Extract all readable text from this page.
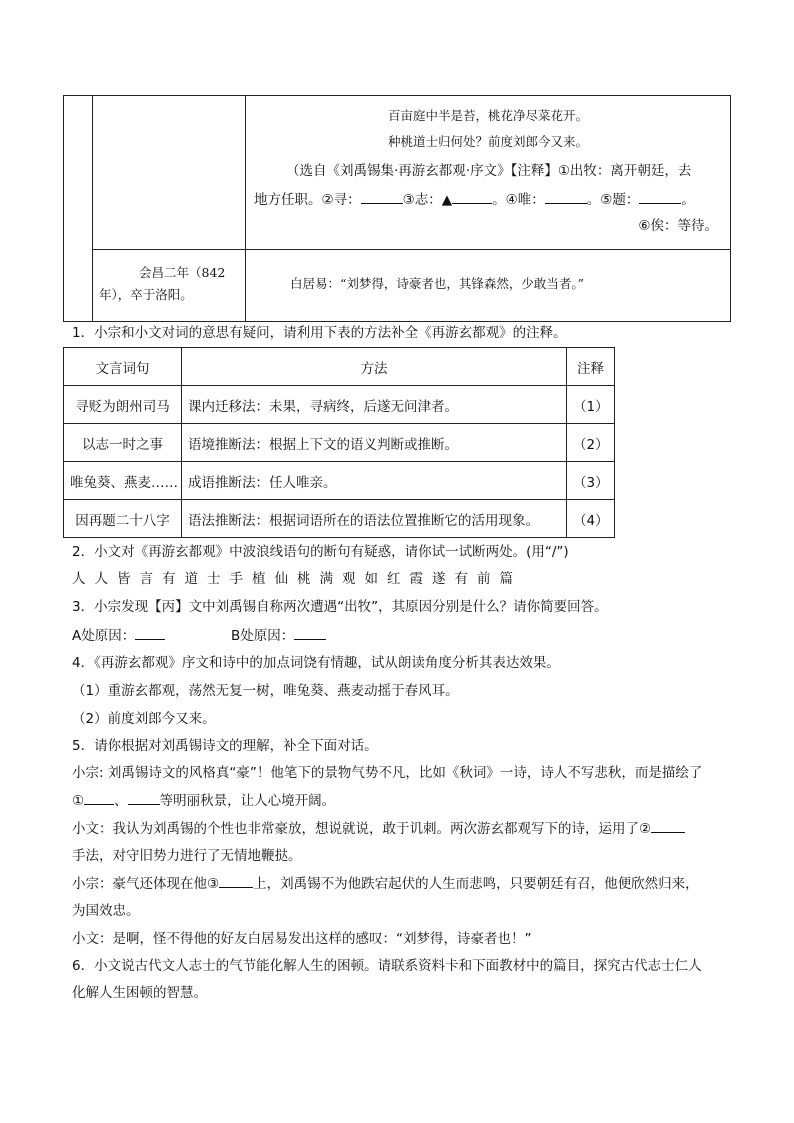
		百亩庭中半是苔，桃花净尽菜花开。
种桃道士归何处？前度刘郎今又来。
（选自《刘禹锡集·再游玄都观·序文》【注释】①出牧：离开朝廷，去
地方任职。②寻： ③志：▲ 。④唯： 。⑤题： 。
⑥俟：等待。

	会昌二年（842
年），卒于洛阳。	白居易：“刘梦得，诗豪者也，其锋森然，少敢当者。”
1．小宗和小文对词的意思有疑问，请利用下表的方法补全《再游玄都观》的注释。
文言词句	方法	注释
寻贬为朗州司马	课内迁移法：未果，寻病终，后遂无问津者。	（1）
以志一时之事	语境推断法：根据上下文的语义判断或推断。	（2）
唯兔葵、燕麦……	成语推断法：任人唯亲。	（3）
因再题二十八字	语法推断法：根据词语所在的语法位置推断它的活用现象。	（4）
2．小文对《再游玄都观》中波浪线语句的断句有疑惑，请你试一试断两处。(用“/”)
人 人 皆 言 有 道 士 手 植 仙 桃 满 观 如 红 霞 遂 有 前 篇
3．小宗发现【丙】文中刘禹锡自称两次遭遇“出牧”，其原因分别是什么？请你简要回答。
A处原因：	B处原因：
4．《再游玄都观》序文和诗中的加点词饶有情趣，试从朗读角度分析其表达效果。
（1）重游玄都观，荡然无复一树，唯兔葵、燕麦动摇于春风耳。
（2）前度刘郎今又来。
5．请你根据对刘禹锡诗文的理解，补全下面对话。
小宗: 刘禹锡诗文的风格真“豪”！他笔下的景物气势不凡，比如《秋词》一诗，诗人不写悲秋，而是描绘了
① 、 等明丽秋景，让人心境开阔。
小文：我认为刘禹锡的个性也非常豪放，想说就说，敢于讥刺。两次游玄都观写下的诗，运用了②
手法，对守旧势力进行了无情地鞭挞。
小宗：豪气还体现在他③	上，刘禹锡不为他跌宕起伏的人生而悲鸣，只要朝廷有召，他便欣然归来，
为国效忠。
小文：是啊，怪不得他的好友白居易发出这样的感叹：“刘梦得，诗豪者也！”
6．小文说古代文人志士的气节能化解人生的困顿。请联系资料卡和下面教材中的篇目，探究古代志士仁人
化解人生困顿的智慧。
